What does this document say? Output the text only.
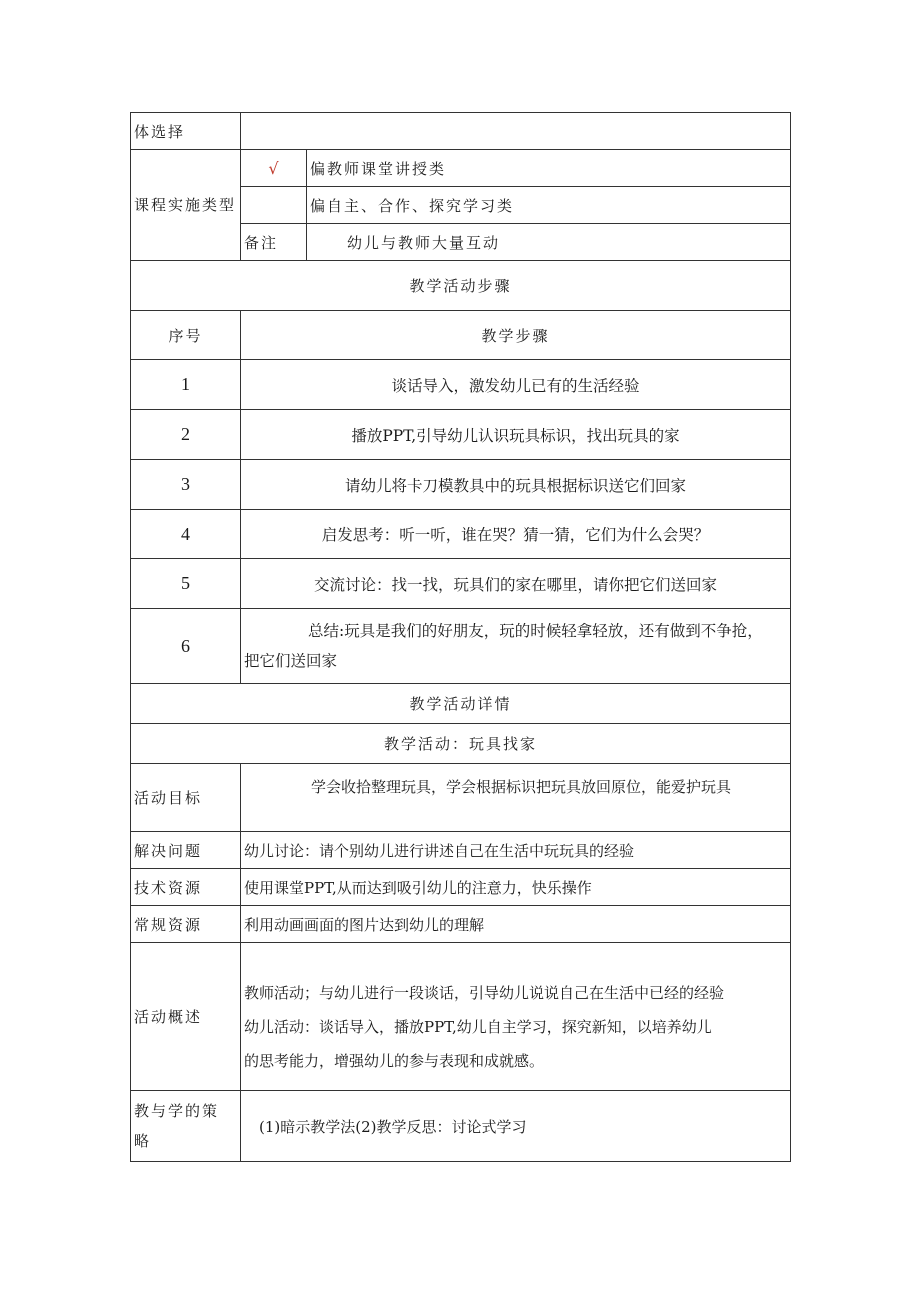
体选择		
课程实施类型	√	偏教师课堂讲授类
		偏自主、合作、探究学习类
	备注	幼儿与教师大量互动
教学活动步骤		
序号	教学步骤	
1	谈话导入，激发幼儿已有的生活经验	
2	播放PPT,引导幼儿认识玩具标识，找出玩具的家	
3	请幼儿将卡刀模教具中的玩具根据标识送它们回家	
4	启发思考：听一听，谁在哭？猜一猜，它们为什么会哭？	
5	交流讨论：找一找，玩具们的家在哪里，请你把它们送回家	
6	总结:玩具是我们的好朋友，玩的时候轻拿轻放，还有做到不争抢，
把它们送回家	

教学活动详情		
教学活动：玩具找家		
活动目标	学会收拾整理玩具，学会根据标识把玩具放回原位，能爱护玩具	
解决问题	幼儿讨论：请个别幼儿进行讲述自己在生活中玩玩具的经验	
技术资源	使用课堂PPT,从而达到吸引幼儿的注意力，快乐操作	
常规资源	利用动画画面的图片达到幼儿的理解	
活动概述	教师活动；与幼儿进行一段谈话，引导幼儿说说自己在生活中已经的经验
幼儿活动：谈话导入，播放PPT,幼儿自主学习，探究新知，以培养幼儿
的思考能力，增强幼儿的参与表现和成就感。	

教与学的策
略	(1)暗示教学法(2)教学反思：讨论式学习	
